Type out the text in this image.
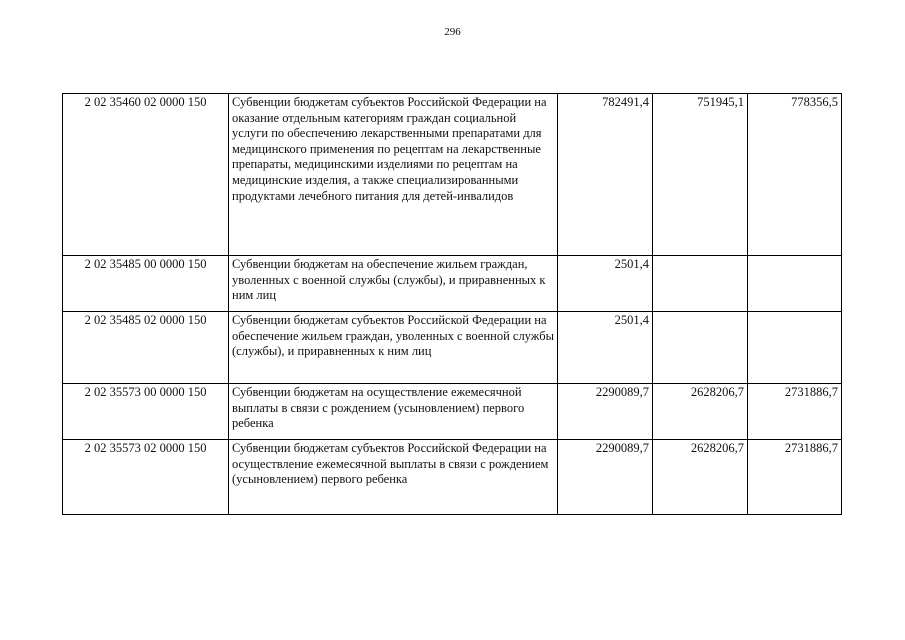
296
2 02 35460 02 0000 150	Субвенции бюджетам субъектов Российской Федерации на оказание отдельным категориям граждан социальной услуги по обеспечению лекарственными препаратами для медицинского применения по рецептам на лекарственные препараты, медицинскими изделиями по рецептам на медицинские изделия, а также специализированными продуктами лечебного питания для детей-инвалидов	782491,4	751945,1	778356,5
2 02 35485 00 0000 150	Субвенции бюджетам на обеспечение жильем граждан, уволенных с военной службы (службы), и приравненных к ним лиц	2501,4		
2 02 35485 02 0000 150	Субвенции бюджетам субъектов Российской Федерации на обеспечение жильем граждан, уволенных с военной службы (службы), и приравненных к ним лиц	2501,4		
2 02 35573 00 0000 150	Субвенции бюджетам на осуществление ежемесячной выплаты в связи с рождением (усыновлением) первого ребенка	2290089,7	2628206,7	2731886,7
2 02 35573 02 0000 150	Субвенции бюджетам субъектов Российской Федерации на осуществление ежемесячной выплаты в связи с рождением (усыновлением) первого ребенка	2290089,7	2628206,7	2731886,7
